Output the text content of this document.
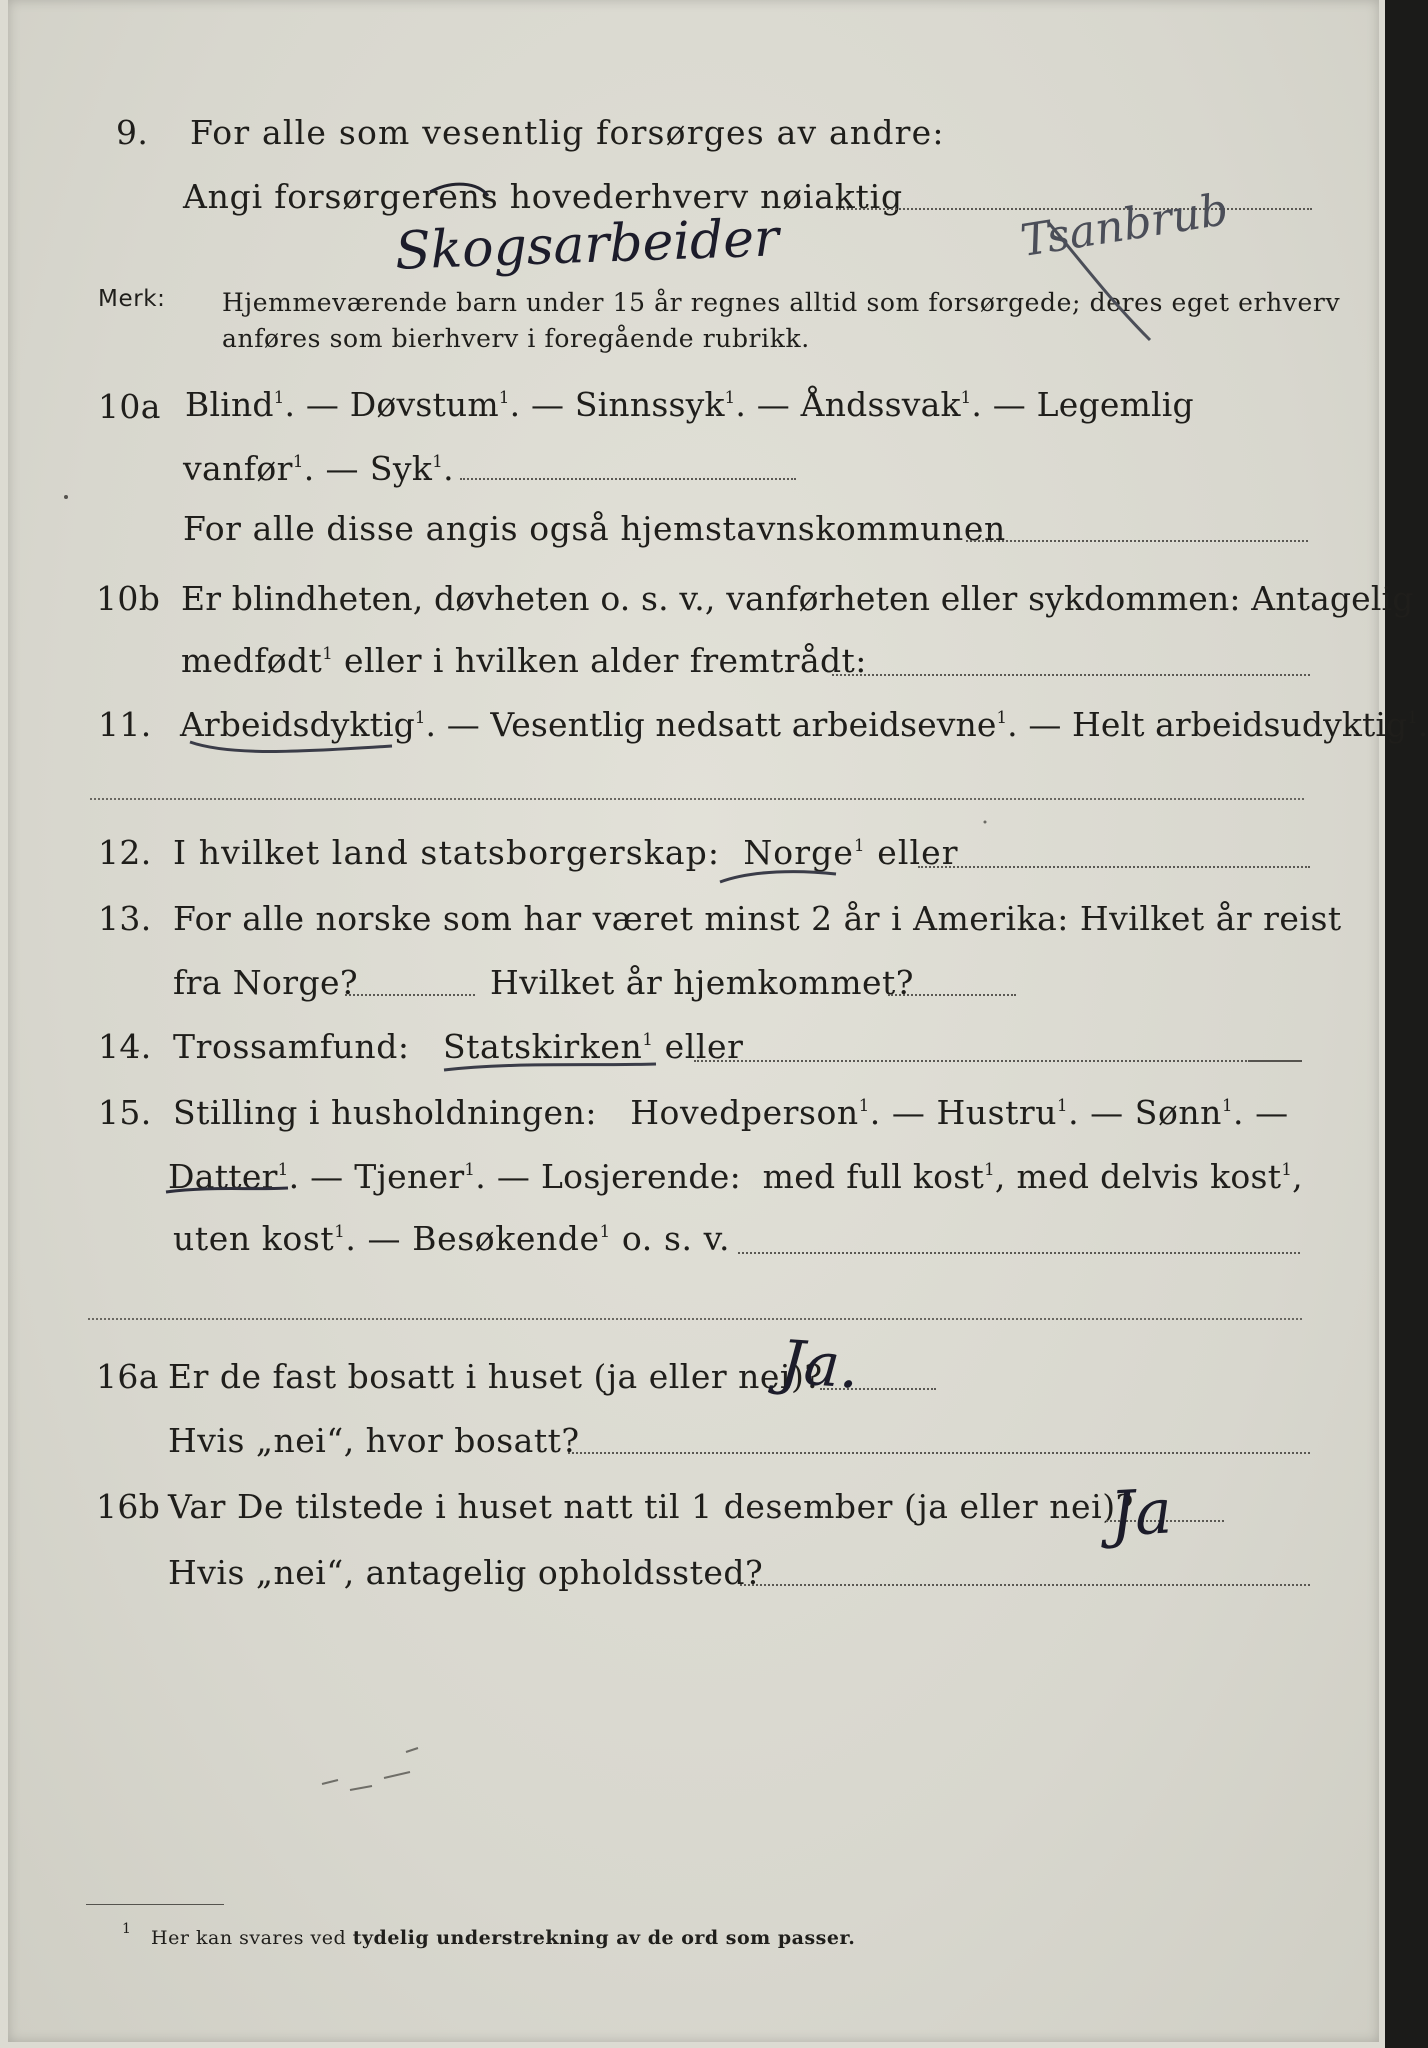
9. For alle som vesentlig forsørges av andre:
Angi forsørgerens hovederhverv nøiaktig
Skogsarbeider	Tsanbrub
Merk: Hjemmeværende barn under 15 år regnes alltid som forsørgede; deres eget erhverv
anføres som bierhverv i foregående rubrikk.
10a Blind$^1$. — Døvstum$^1$. — Sinnssyk$^1$. — Åndssvak$^1$. — Legemlig
vanfør$^1$. — Syk$^1$.
For alle disse angis også hjemstavnskommunen
10b Er blindheten, døvheten o. s. v., vanførheten eller sykdommen: Antagelig
medfødt$^1$ eller i hvilken alder fremtrådt:
11. Arbeidsdyktig$^1$. — Vesentlig nedsatt arbeidsevne$^1$. — Helt arbeidsudyktig$^1$.
12. I hvilket land statsborgerskap: Norge$^1$ eller
13. For alle norske som har været minst 2 år i Amerika: Hvilket år reist
fra Norge?	Hvilket år hjemkommet?
14. Trossamfund: Statskirken$^1$ eller
15. Stilling i husholdningen: Hovedperson$^1$. — Hustru$^1$. — Sønn$^1$. —
Datter$^1$. — Tjener$^1$. — Losjerende: med full kost$^1$, med delvis kost$^1$,
uten kost$^1$. — Besøkende$^1$ o. s. v.
16a Er de fast bosatt i huset (ja eller nei)?
Ja.
Hvis „nei“, hvor bosatt?
16b Var De tilstede i huset natt til 1 desember (ja eller nei)?
Ja
Hvis „nei“, antagelig opholdssted?
$^1$ Her kan svares ved tydelig understrekning av de ord som passer.
